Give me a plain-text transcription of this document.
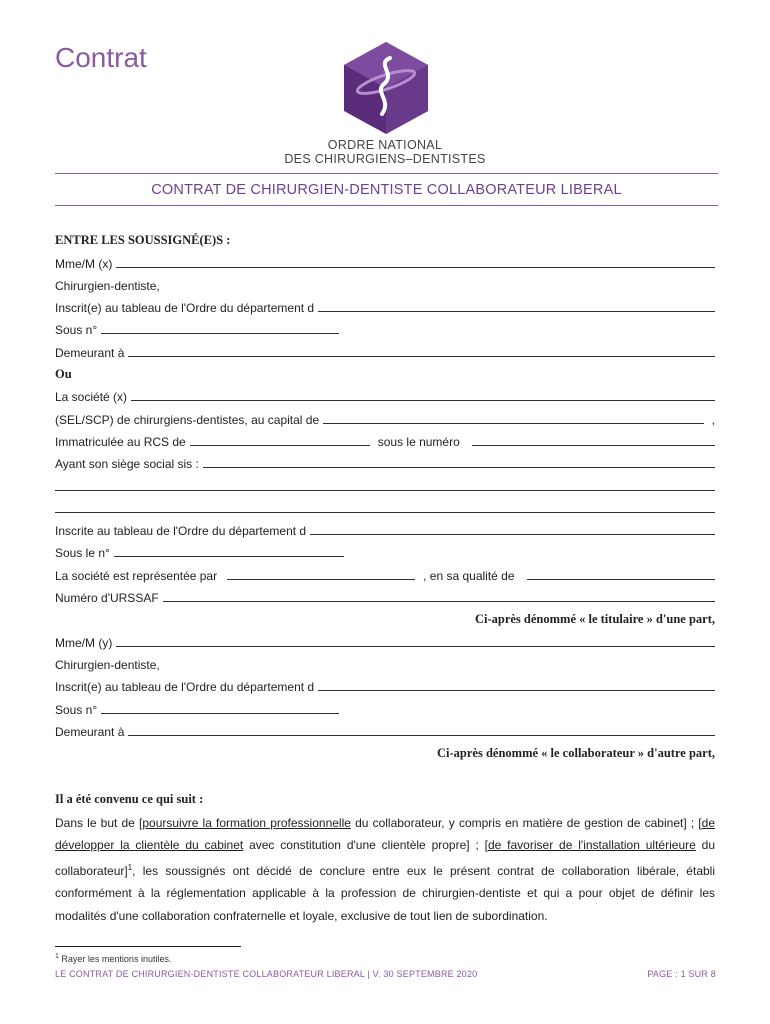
Contrat
ORDRE NATIONAL
DES CHIRURGIENS–DENTISTES
CONTRAT DE CHIRURGIEN-DENTISTE COLLABORATEUR LIBERAL
ENTRE LES SOUSSIGNÉ(E)S :
Mme/M (x)
Chirurgien-dentiste,
Inscrit(e) au tableau de l'Ordre du département d
Sous n°
Demeurant à
Ou
La société (x)
(SEL/SCP) de chirurgiens-dentistes, au capital de	,
Immatriculée au RCS de	sous le numéro
Ayant son siège social sis :
Inscrite au tableau de l'Ordre du département d
Sous le n°
La société est représentée par	, en sa qualité de
Numéro d'URSSAF
Ci-après dénommé « le titulaire » d'une part,
Mme/M (y)
Chirurgien-dentiste,
Inscrit(e) au tableau de l'Ordre du département d
Sous n°
Demeurant à
Ci-après dénommé « le collaborateur » d'autre part,
Il a été convenu ce qui suit :
Dans le but de [poursuivre la formation professionnelle du collaborateur, y compris en matière de gestion de cabinet] ; [de développer la clientèle du cabinet avec constitution d'une clientèle propre] ; [de favoriser de l'installation ultérieure du collaborateur]$^1$, les soussignés ont décidé de conclure entre eux le présent contrat de collaboration libérale, établi conformément à la réglementation applicable à la profession de chirurgien-dentiste et qui a pour objet de définir les modalités d'une collaboration confraternelle et loyale, exclusive de tout lien de subordination.
$^1$ Rayer les mentions inutiles.
LE CONTRAT DE CHIRURGIEN-DENTISTE COLLABORATEUR LIBERAL | V. 30 SEPTEMBRE 2020	PAGE : 1 SUR 8
